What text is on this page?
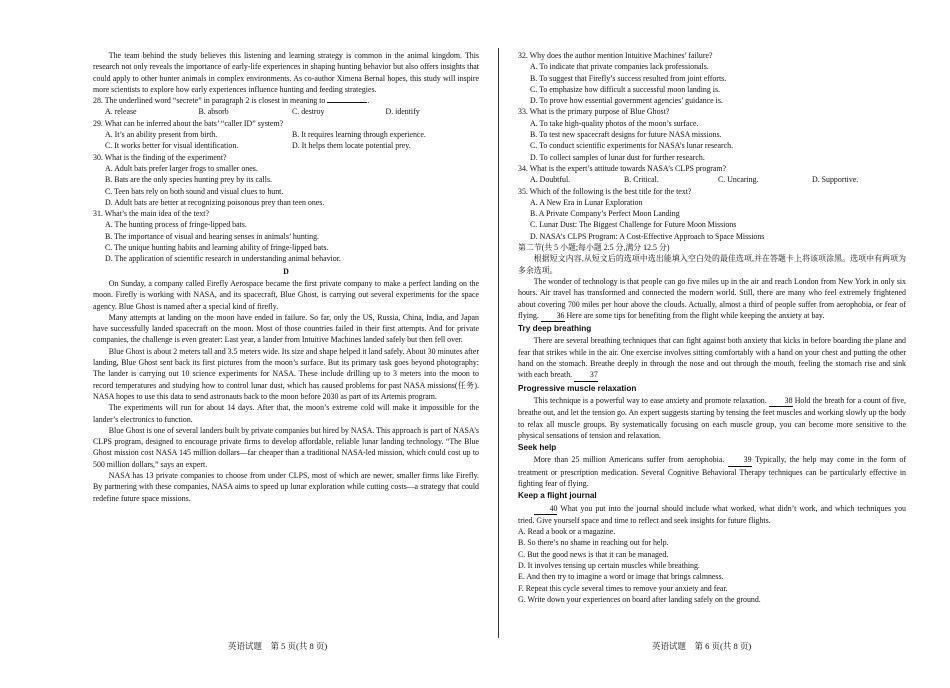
The team behind the study believes this listening and learning strategy is common in the animal kingdom. This research not only reveals the importance of early-life experiences in shaping hunting behavior but also offers insights that could apply to other hunter animals in complex environments. As co-author Ximena Bernal hopes, this study will inspire more scientists to explore how early experiences influence hunting and feeding strategies.

28. The underlined word “secrete” in paragraph 2 is closest in meaning to	.

A. release	B. absorb	C. destroy	D. identify

29. What can be inferred about the bats’ “caller ID” system?

A. It’s an ability present from birth.	B. It requires learning through experience.
C. It works better for visual identification.	D. It helps them locate potential prey.

30. What is the finding of the experiment?

A. Adult bats prefer larger frogs to smaller ones.

B. Bats are the only species hunting prey by its calls.

C. Teen bats rely on both sound and visual clues to hunt.

D. Adult bats are better at recognizing poisonous prey than teen ones.

31. What’s the main idea of the text?

A. The hunting process of fringe-lipped bats.

B. The importance of visual and hearing senses in animals’ hunting.

C. The unique hunting habits and learning ability of fringe-lipped bats.

D. The application of scientific research in understanding animal behavior.

D

On Sunday, a company called Firefly Aerospace became the first private company to make a perfect landing on the moon. Firefly is working with NASA, and its spacecraft, Blue Ghost, is carrying out several experiments for the space agency. Blue Ghost is named after a special kind of firefly.

Many attempts at landing on the moon have ended in failure. So far, only the US, Russia, China, India, and Japan have successfully landed spacecraft on the moon. Most of those countries failed in their first attempts. And for private companies, the challenge is even greater: Last year, a lander from Intuitive Machines landed safely but then fell over.

Blue Ghost is about 2 meters tall and 3.5 meters wide. Its size and shape helped it land safely. About 30 minutes after landing, Blue Ghost sent back its first pictures from the moon’s surface. But its primary task goes beyond photography: The lander is carrying out 10 science experiments for NASA. These include drilling up to 3 meters into the moon to record temperatures and studying how to control lunar dust, which has caused problems for past NASA missions(任务). NASA hopes to use this data to send astronauts back to the moon before 2030 as part of its Artemis program.

The experiments will run for about 14 days. After that, the moon’s extreme cold will make it impossible for the lander’s electronics to function.

Blue Ghost is one of several landers built by private companies but hired by NASA. This approach is part of NASA’s CLPS program, designed to encourage private firms to develop affordable, reliable lunar landing technology. “The Blue Ghost mission cost NASA 145 million dollars—far cheaper than a traditional NASA-led mission, which could cost up to 500 million dollars,” says an expert.

NASA has 13 private companies to choose from under CLPS, most of which are newer, smaller firms like Firefly. By partnering with these companies, NASA aims to speed up lunar exploration while cutting costs—a strategy that could redefine future space missions.

32. Why does the author mention Intuitive Machines’ failure?

A. To indicate that private companies lack professionals.

B. To suggest that Firefly’s success resulted from joint efforts.

C. To emphasize how difficult a successful moon landing is.

D. To prove how essential government agencies’ guidance is.

33. What is the primary purpose of Blue Ghost?

A. To take high-quality photos of the moon’s surface.

B. To test new spacecraft designs for future NASA missions.

C. To conduct scientific experiments for NASA’s lunar research.

D. To collect samples of lunar dust for further research.

34. What is the expert’s attitude towards NASA’s CLPS program?

A. Doubtful.	B. Critical.	C. Uncaring.	D. Supportive.

35. Which of the following is the best title for the text?

A. A New Era in Lunar Exploration

B. A Private Company’s Perfect Moon Landing

C. Lunar Dust: The Biggest Challenge for Future Moon Missions

D. NASA’s CLPS Program: A Cost-Effective Approach to Space Missions

第二节(共 5 小题;每小题 2.5 分,满分 12.5 分)

根据短文内容,从短文后的选项中选出能填入空白处的最佳选项,并在答题卡上将该项涂黑。选项中有两项为多余选项。

The wonder of technology is that people can go five miles up in the air and reach London from New York in only six hours. Air travel has transformed and connected the modern world. Still, there are many who feel extremely frightened about covering 700 miles per hour above the clouds. Actually, almost a third of people suffer from aerophobia, or fear of flying. 36 Here are some tips for benefiting from the flight while keeping the anxiety at bay.

Try deep breathing

There are several breathing techniques that can fight against both anxiety that kicks in before boarding the plane and fear that strikes while in the air. One exercise involves sitting comfortably with a hand on your chest and putting the other hand on the stomach. Breathe deeply in through the nose and out through the mouth, feeling the stomach rise and sink with each breath. 37

Progressive muscle relaxation

This technique is a powerful way to ease anxiety and promote relaxation. 38 Hold the breath for a count of five, breathe out, and let the tension go. An expert suggests starting by tensing the feet muscles and working slowly up the body to relax all muscle groups. By systematically focusing on each muscle group, you can become more sensitive to the physical sensations of tension and relaxation.

Seek help

More than 25 million Americans suffer from aerophobia. 39 Typically, the help may come in the form of treatment or prescription medication. Several Cognitive Behavioral Therapy techniques can be particularly effective in fighting fear of flying.

Keep a flight journal

40 What you put into the journal should include what worked, what didn’t work, and which techniques you tried. Give yourself space and time to reflect and seek insights for future flights.

A. Read a book or a magazine.

B. So there’s no shame in reaching out for help.

C. But the good news is that it can be managed.

D. It involves tensing up certain muscles while breathing.

E. And then try to imagine a word or image that brings calmness.

F. Repeat this cycle several times to remove your anxiety and fear.

G. Write down your experiences on board after landing safely on the ground.

英语试题　第 5 页(共 8 页)	英语试题　第 6 页(共 8 页)
